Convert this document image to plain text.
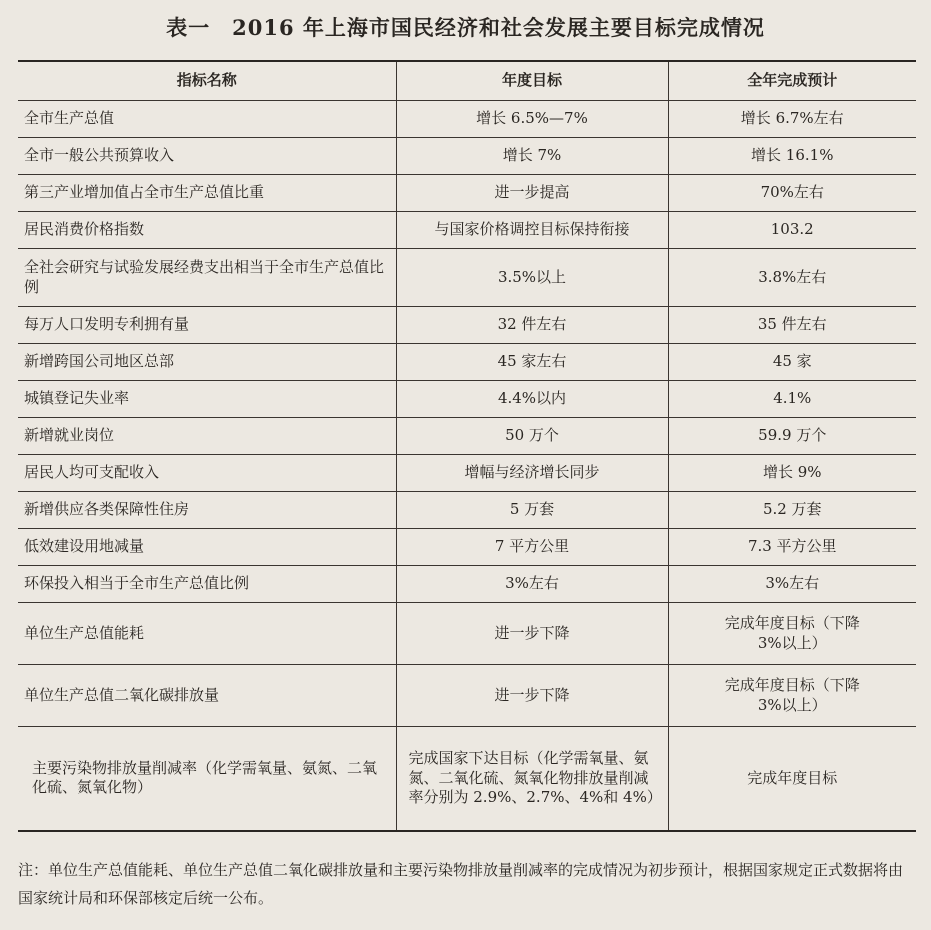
表一　2016 年上海市国民经济和社会发展主要目标完成情况
指标名称	年度目标	全年完成预计
全市生产总值	增长 6.5%—7%	增长 6.7%左右
全市一般公共预算收入	增长 7%	增长 16.1%
第三产业增加值占全市生产总值比重	进一步提高	70%左右
居民消费价格指数	与国家价格调控目标保持衔接	103.2
全社会研究与试验发展经费支出相当于全市生产总值比例	3.5%以上	3.8%左右
每万人口发明专利拥有量	32 件左右	35 件左右
新增跨国公司地区总部	45 家左右	45 家
城镇登记失业率	4.4%以内	4.1%
新增就业岗位	50 万个	59.9 万个
居民人均可支配收入	增幅与经济增长同步	增长 9%
新增供应各类保障性住房	5 万套	5.2 万套
低效建设用地减量	7 平方公里	7.3 平方公里
环保投入相当于全市生产总值比例	3%左右	3%左右
单位生产总值能耗	进一步下降	完成年度目标（下降 3%以上）
单位生产总值二氧化碳排放量	进一步下降	完成年度目标（下降 3%以上）
主要污染物排放量削减率（化学需氧量、氨氮、二氧化硫、氮氧化物）	完成国家下达目标（化学需氧量、氨氮、二氧化硫、氮氧化物排放量削减率分别为 2.9%、2.7%、4%和 4%）	完成年度目标
注：单位生产总值能耗、单位生产总值二氧化碳排放量和主要污染物排放量削减率的完成情况为初步预计，根据国家规定正式数据将由国家统计局和环保部核定后统一公布。
